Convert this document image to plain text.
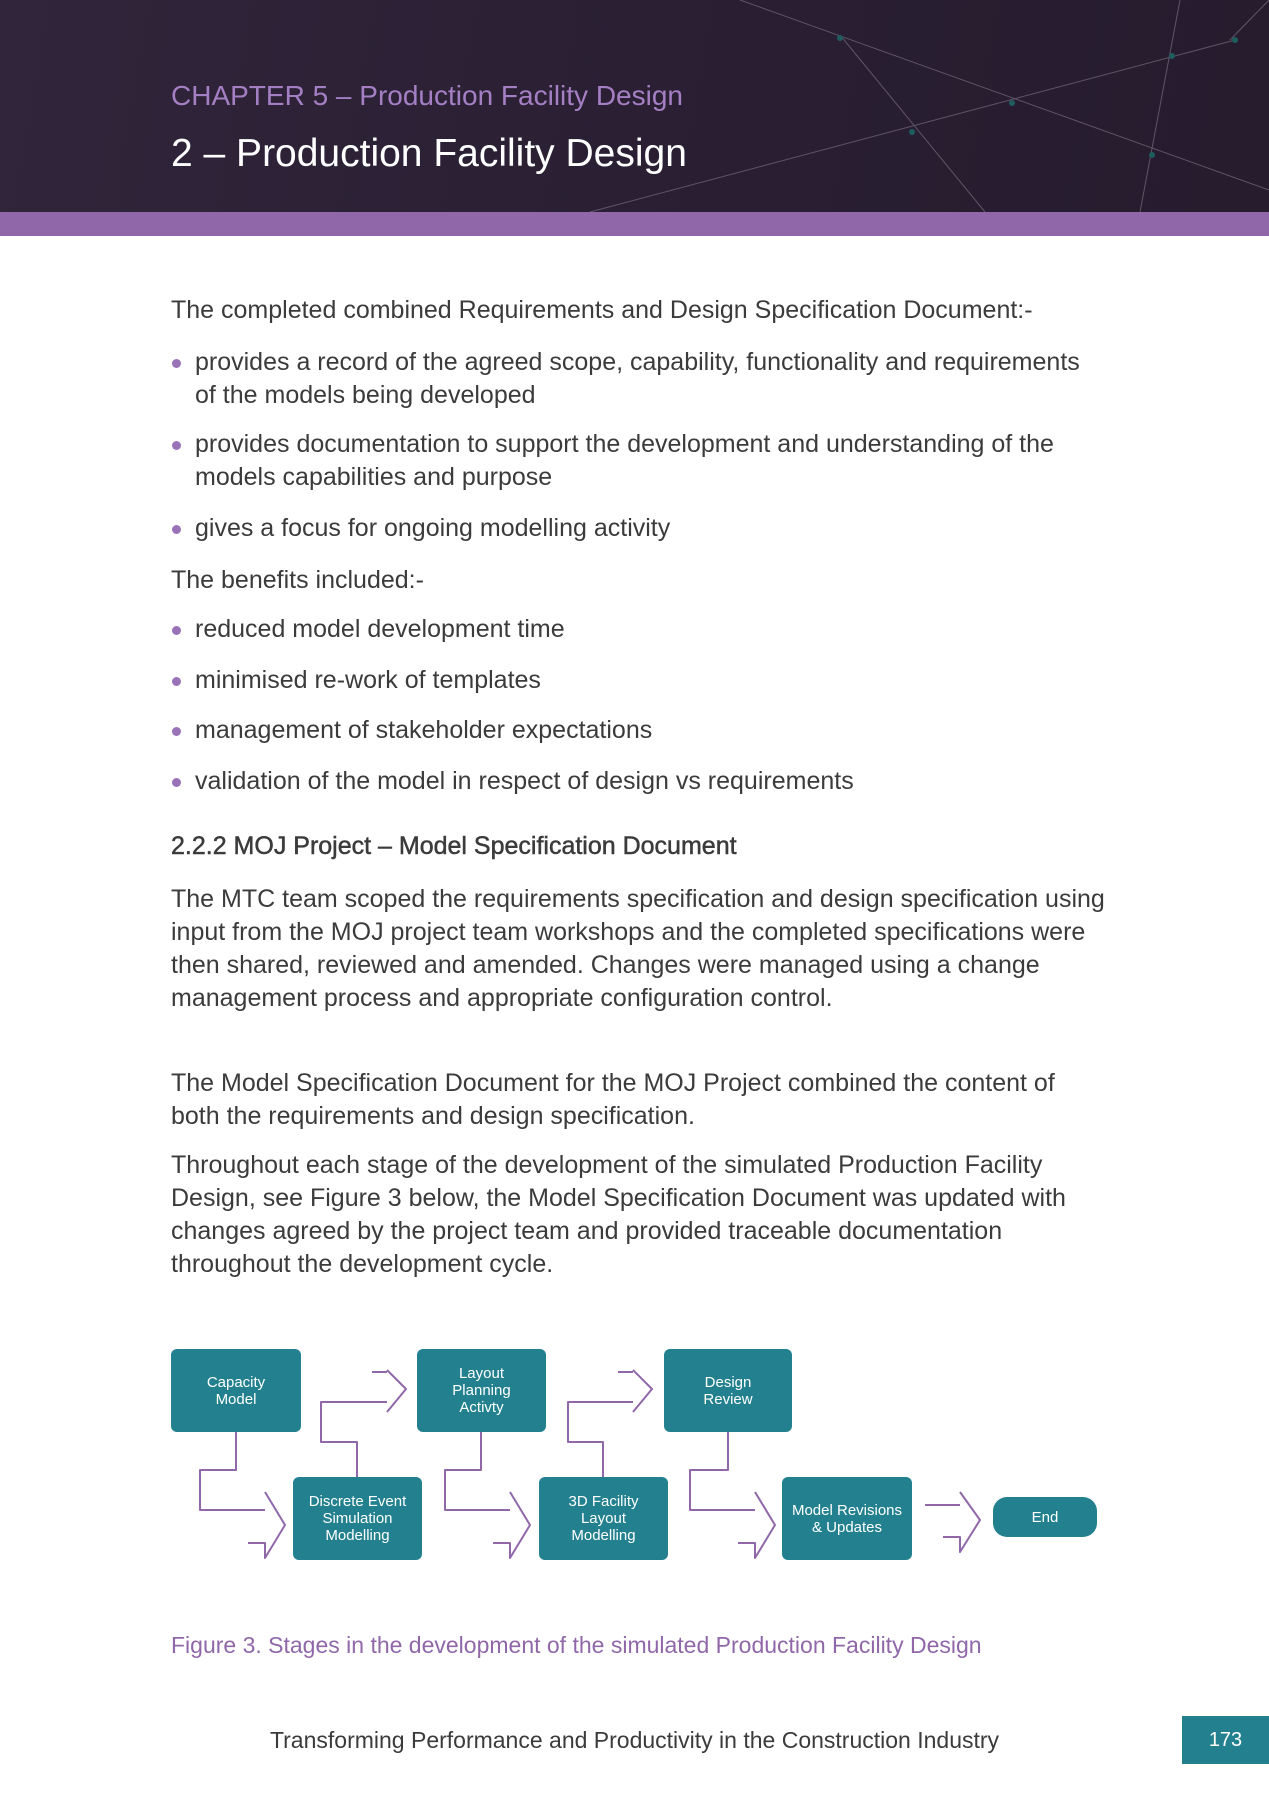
CHAPTER 5 – Production Facility Design
2 – Production Facility Design
The completed combined Requirements and Design Specification Document:-
provides a record of the agreed scope, capability, functionality and requirements of the models being developed
provides documentation to support the development and understanding of the models capabilities and purpose
gives a focus for ongoing modelling activity
The benefits included:-
reduced model development time
minimised re-work of templates
management of stakeholder expectations
validation of the model in respect of design vs requirements
2.2.2 MOJ Project – Model Specification Document
The MTC team scoped the requirements specification and design specification using input from the MOJ project team workshops and the completed specifications were then shared, reviewed and amended. Changes were managed using a change management process and appropriate configuration control.
The Model Specification Document for the MOJ Project combined the content of both the requirements and design specification.
Throughout each stage of the development of the simulated Production Facility Design, see Figure 3 below, the Model Specification Document was updated with changes agreed by the project team and provided traceable documentation throughout the development cycle.
Capacity
Model
Discrete Event
Simulation
Modelling
Layout
Planning
Activty
3D Facility
Layout
Modelling
Design
Review
Model Revisions
& Updates
End
Figure 3. Stages in the development of the simulated Production Facility Design
Transforming Performance and Productivity in the Construction Industry	173
